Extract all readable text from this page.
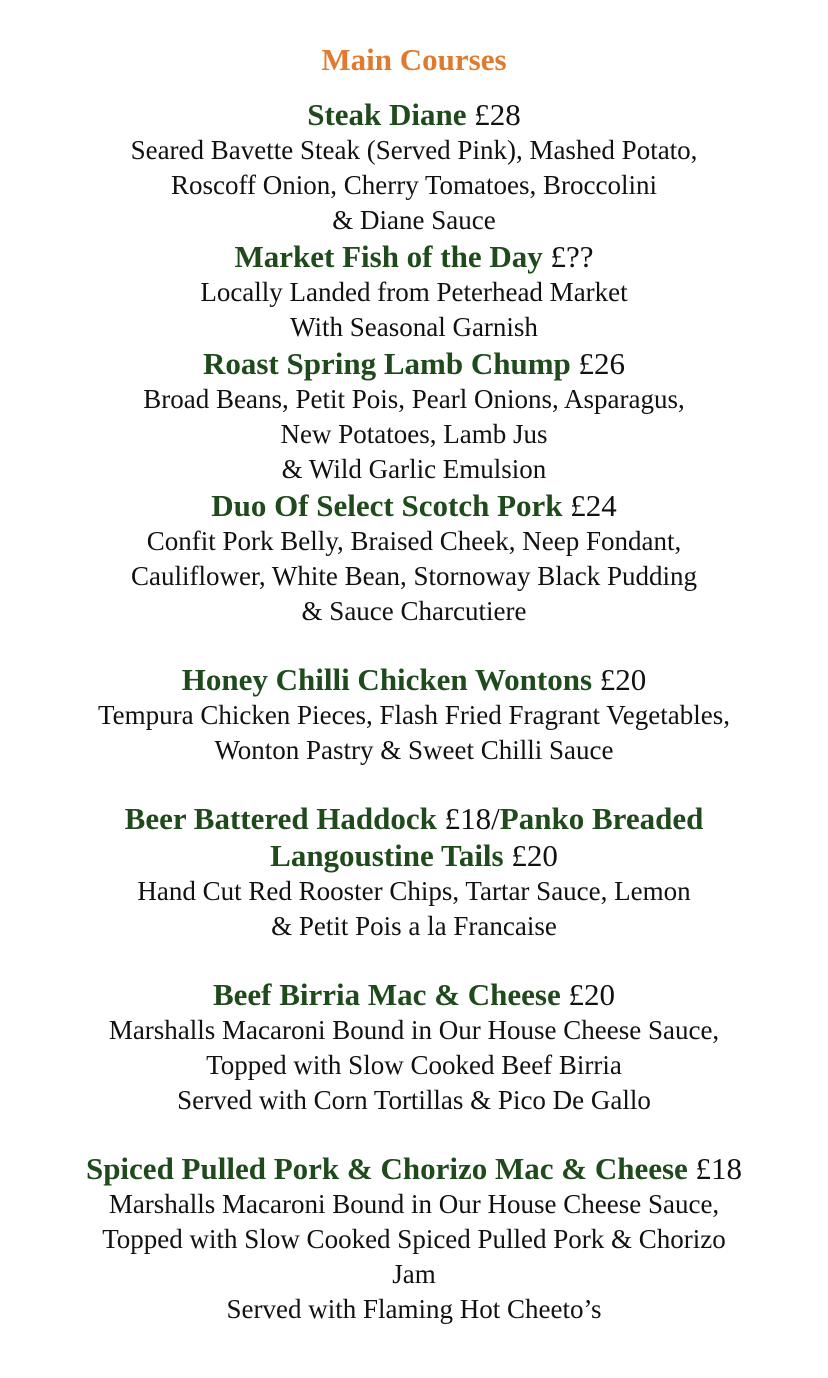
Main Courses
Steak Diane £28
Seared Bavette Steak (Served Pink), Mashed Potato,
Roscoff Onion, Cherry Tomatoes, Broccolini
& Diane Sauce
Market Fish of the Day £??
Locally Landed from Peterhead Market
With Seasonal Garnish
Roast Spring Lamb Chump £26
Broad Beans, Petit Pois, Pearl Onions, Asparagus,
New Potatoes, Lamb Jus
& Wild Garlic Emulsion
Duo Of Select Scotch Pork £24
Confit Pork Belly, Braised Cheek, Neep Fondant,
Cauliflower, White Bean, Stornoway Black Pudding
& Sauce Charcutiere
Honey Chilli Chicken Wontons £20
Tempura Chicken Pieces, Flash Fried Fragrant Vegetables,
Wonton Pastry & Sweet Chilli Sauce
Beer Battered Haddock £18/Panko Breaded
Langoustine Tails £20
Hand Cut Red Rooster Chips, Tartar Sauce, Lemon
& Petit Pois a la Francaise
Beef Birria Mac & Cheese £20
Marshalls Macaroni Bound in Our House Cheese Sauce,
Topped with Slow Cooked Beef Birria
Served with Corn Tortillas & Pico De Gallo
Spiced Pulled Pork & Chorizo Mac & Cheese £18
Marshalls Macaroni Bound in Our House Cheese Sauce,
Topped with Slow Cooked Spiced Pulled Pork & Chorizo
Jam
Served with Flaming Hot Cheeto’s
